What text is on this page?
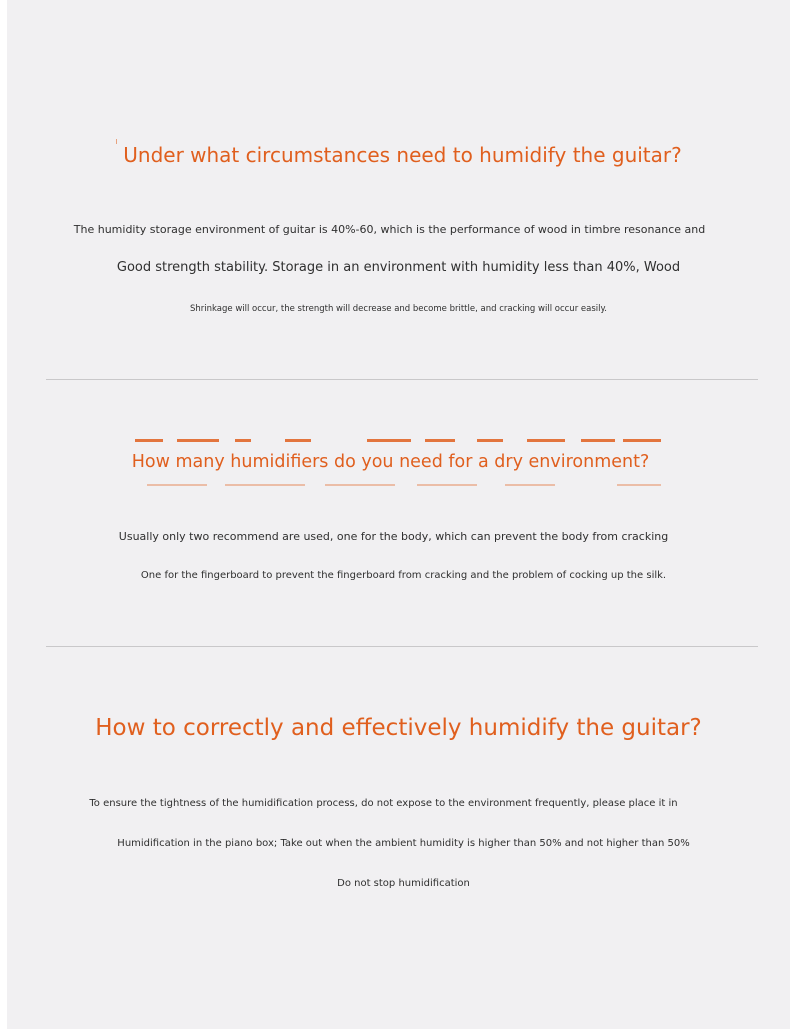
Under what circumstances need to humidify the guitar?
The humidity storage environment of guitar is 40%-60, which is the performance of wood in timbre resonance and
Good strength stability. Storage in an environment with humidity less than 40%, Wood
Shrinkage will occur, the strength will decrease and become brittle, and cracking will occur easily.
How many humidifiers do you need for a dry environment?
Usually only two recommend are used, one for the body, which can prevent the body from cracking
One for the fingerboard to prevent the fingerboard from cracking and the problem of cocking up the silk.
How to correctly and effectively humidify the guitar?
To ensure the tightness of the humidification process, do not expose to the environment frequently, please place it in
Humidification in the piano box; Take out when the ambient humidity is higher than 50% and not higher than 50%
Do not stop humidification
